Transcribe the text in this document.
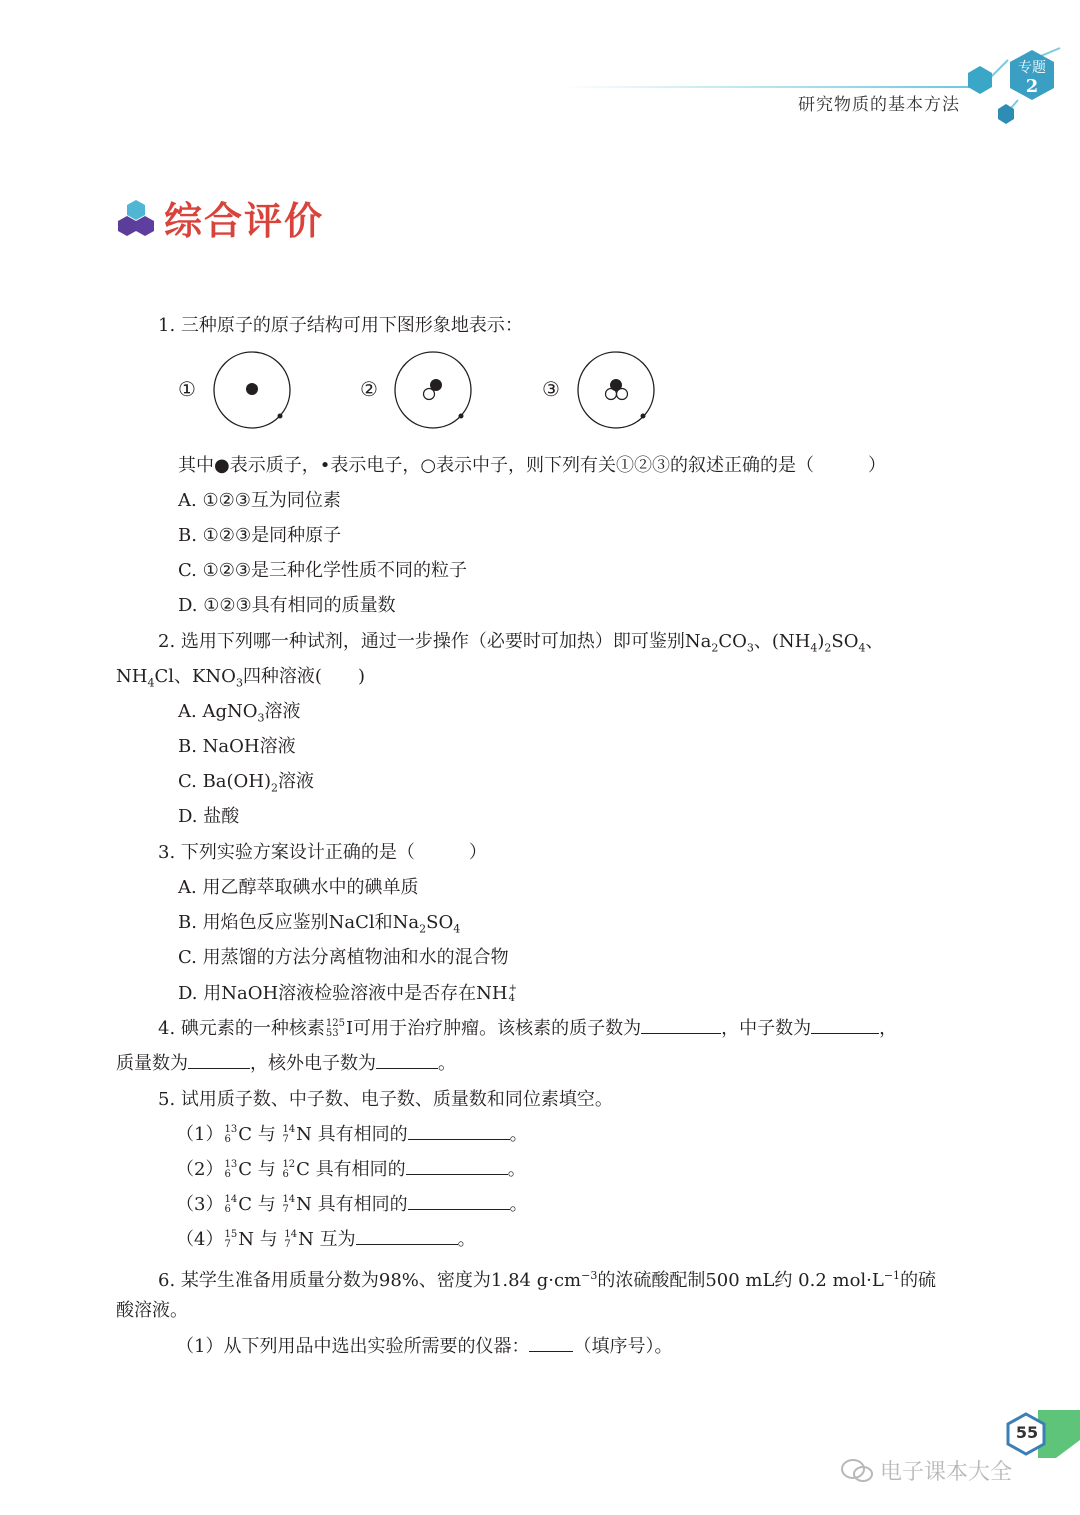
专题
2
研究物质的基本方法
综合评价
1. 三种原子的原子结构可用下图形象地表示：
①	②	③
其中●表示质子，•表示电子，○表示中子，则下列有关①②③的叙述正确的是（　　　）
A. ①②③互为同位素
B. ①②③是同种原子
C. ①②③是三种化学性质不同的粒子
D. ①②③具有相同的质量数
2. 选用下列哪一种试剂，通过一步操作（必要时可加热）即可鉴别$Na_2CO_3$、$(NH_4)_2SO_4$、
$NH_4Cl$、$KNO_3$四种溶液(　　)
A. AgNO$_3$溶液
B. NaOH溶液
C. $Ba(OH)_2$溶液
D. 盐酸
3. 下列实验方案设计正确的是（　　　）
A. 用乙醇萃取碘水中的碘单质
B. 用焰色反应鉴别NaCl和$Na_2SO_4$
C. 用蒸馏的方法分离植物油和水的混合物
D. 用NaOH溶液检验溶液中是否存在NH +
4
4. 碘元素的一种核素 125
53 I可用于治疗肿瘤。该核素的质子数为	，中子数为	，
质量数为	，核外电子数为	。
5. 试用质子数、中子数、电子数、质量数和同位素填空。
（1） 13
6 C 与 14
7 N 具有相同的	。
（2） 13
6 C 与 12
6 C 具有相同的	。
（3） 14
6 C 与 14
7 N 具有相同的	。
（4） 15
7 N 与 14
7 N 互为	。
6. 某学生准备用质量分数为98%、密度为1.84 $g\cdot cm^{-3}$的浓硫酸配制500 mL约 0.2 $mol\cdot L^{-1}$的硫
酸溶液。
（1）从下列用品中选出实验所需要的仪器： （填序号）。
55
电子课本大全
